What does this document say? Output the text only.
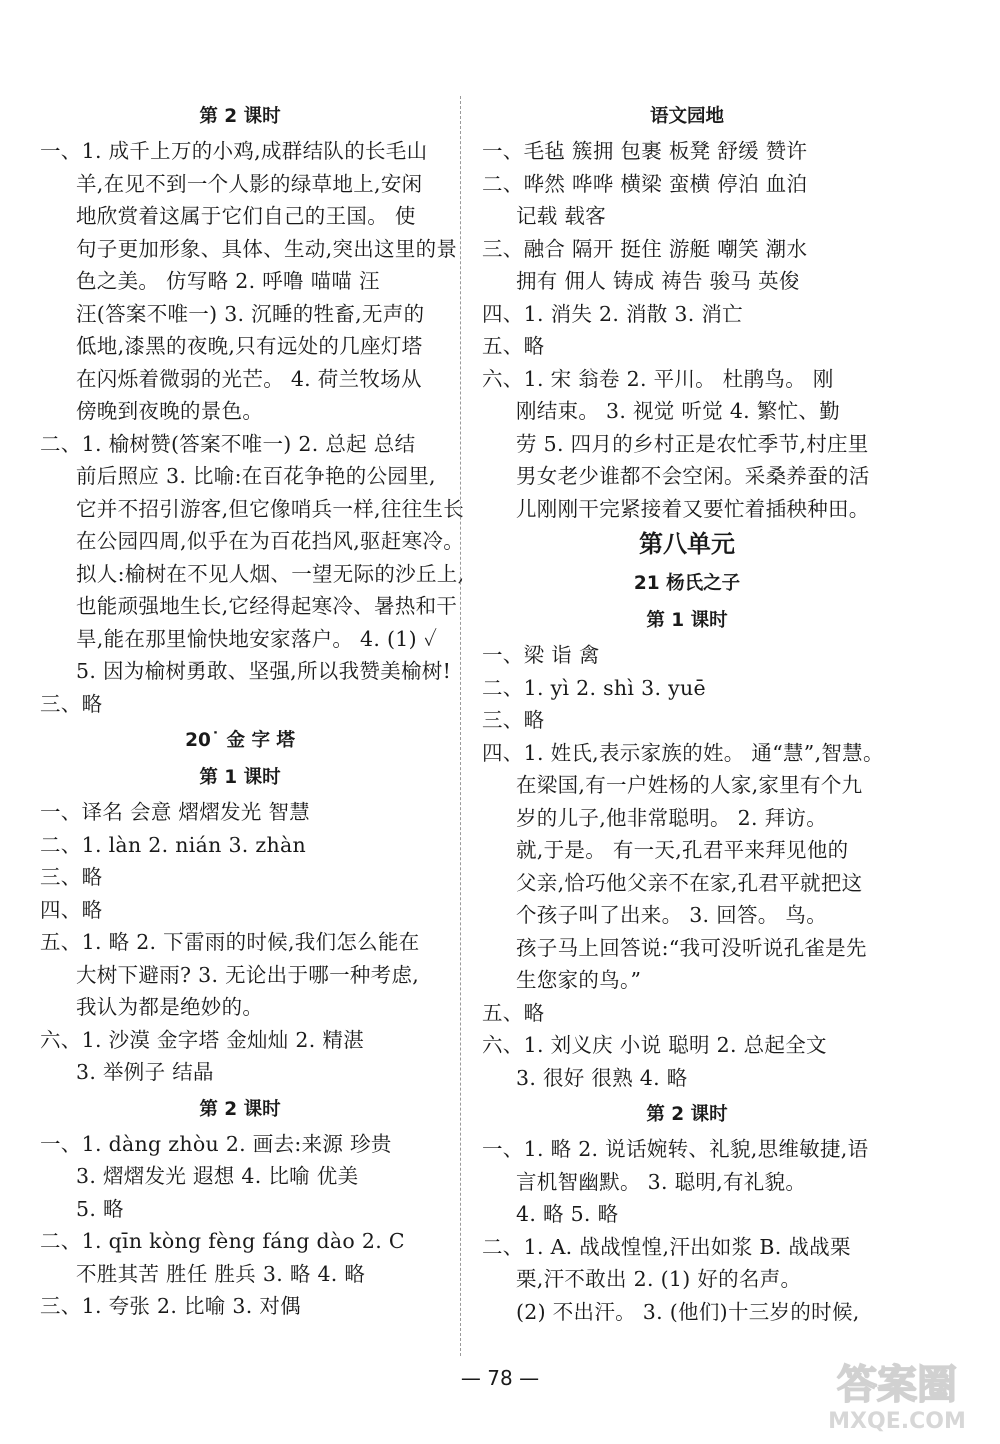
第 2 课时
一、1. 成千上万的小鸡,成群结队的长毛山
羊,在见不到一个人影的绿草地上,安闲
地欣赏着这属于它们自己的王国。 使
句子更加形象、具体、生动,突出这里的景
色之美。 仿写略 2. 呼噜 喵喵 汪
汪(答案不唯一) 3. 沉睡的牲畜,无声的
低地,漆黑的夜晚,只有远处的几座灯塔
在闪烁着微弱的光芒。 4. 荷兰牧场从
傍晚到夜晚的景色。
二、1. 榆树赞(答案不唯一) 2. 总起 总结
前后照应 3. 比喻:在百花争艳的公园里,
它并不招引游客,但它像哨兵一样,往往生长
在公园四周,似乎在为百花挡风,驱赶寒冷。
拟人:榆树在不见人烟、一望无际的沙丘上,
也能顽强地生长,它经得起寒冷、暑热和干
旱,能在那里愉快地安家落户。 4. (1) ✓
5. 因为榆树勇敢、坚强,所以我赞美榆树!
三、略
20˙ 金 字 塔
第 1 课时
一、译名 会意 熠熠发光 智慧
二、1. làn 2. nián 3. zhàn
三、略
四、略
五、1. 略 2. 下雷雨的时候,我们怎么能在
大树下避雨? 3. 无论出于哪一种考虑,
我认为都是绝妙的。
六、1. 沙漠 金字塔 金灿灿 2. 精湛
3. 举例子 结晶
第 2 课时
一、1. dàng zhòu 2. 画去:来源 珍贵
3. 熠熠发光 遐想 4. 比喻 优美
5. 略
二、1. qīn kòng fèng fáng dào 2. C
不胜其苦 胜任 胜兵 3. 略 4. 略
三、1. 夸张 2. 比喻 3. 对偶
语文园地
一、毛毡 簇拥 包裹 板凳 舒缓 赞许
二、哗然 哗哗 横梁 蛮横 停泊 血泊
记载 载客
三、融合 隔开 挺住 游艇 嘲笑 潮水
拥有 佣人 铸成 祷告 骏马 英俊
四、1. 消失 2. 消散 3. 消亡
五、略
六、1. 宋 翁卷 2. 平川。 杜鹃鸟。 刚
刚结束。 3. 视觉 听觉 4. 繁忙、勤
劳 5. 四月的乡村正是农忙季节,村庄里
男女老少谁都不会空闲。采桑养蚕的活
儿刚刚干完紧接着又要忙着插秧种田。
第八单元
21 杨氏之子
第 1 课时
一、梁 诣 禽
二、1. yì 2. shì 3. yuē
三、略
四、1. 姓氏,表示家族的姓。 通“慧”,智慧。
在梁国,有一户姓杨的人家,家里有个九
岁的儿子,他非常聪明。 2. 拜访。
就,于是。 有一天,孔君平来拜见他的
父亲,恰巧他父亲不在家,孔君平就把这
个孩子叫了出来。 3. 回答。 鸟。
孩子马上回答说:“我可没听说孔雀是先
生您家的鸟。”
五、略
六、1. 刘义庆 小说 聪明 2. 总起全文
3. 很好 很熟 4. 略
第 2 课时
一、1. 略 2. 说话婉转、礼貌,思维敏捷,语
言机智幽默。 3. 聪明,有礼貌。
4. 略 5. 略
二、1. A. 战战惶惶,汗出如浆 B. 战战栗
栗,汗不敢出 2. (1) 好的名声。
(2) 不出汗。 3. (他们)十三岁的时候,
— 78 —	答案圈
MXQE.COM
